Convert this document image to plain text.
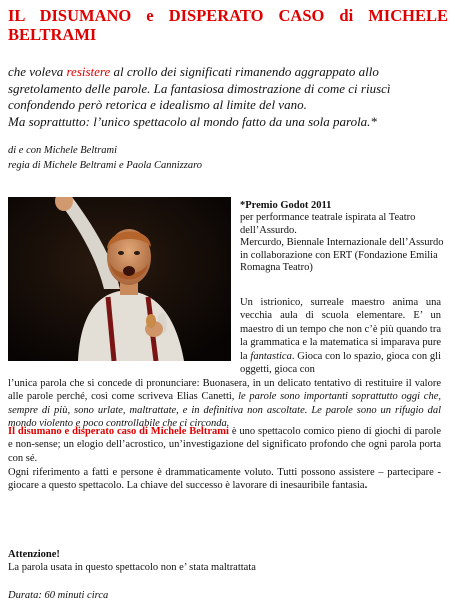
IL DISUMANO e DISPERATO CASO di MICHELE BELTRAMI

che voleva resistere al crollo dei significati rimanendo aggrappato allo sgretolamento delle parole. La fantasiosa dimostrazione di come ci riuscì confondendo però retorica e idealismo al limite del vano.
Ma soprattutto: l’unico spettacolo al mondo fatto da una sola parola.*

di e con Michele Beltrami
regia di Michele Beltrami e Paola Cannizzaro
*Premio Godot 2011
per performance teatrale ispirata al Teatro dell’Assurdo.
Mercurdo, Biennale Internazionale dell’Assurdo in collaborazione con ERT (Fondazione Emilia Romagna Teatro)

Un istrionico, surreale maestro anima una vecchia aula di scuola elementare. E’ un maestro di un tempo che non c’è più quando tra la grammatica e la matematica si imparava pure la fantastica. Gioca con lo spazio, gioca con gli oggetti, gioca con

l’unica parola che si concede di pronunciare: Buonasera, in un delicato tentativo di restituire il valore alle parole perché, così come scriveva Elias Canetti, le parole sono importanti soprattutto oggi che, sempre di più, sono urlate, maltrattate, e in definitiva non ascoltate. Le parole sono un rifugio dal mondo violento e poco controllabile che ci circonda.

Il disumano e disperato caso di Michele Beltrami è uno spettacolo comico pieno di giochi di parole e non-sense; un elogio dell’acrostico, un’investigazione del significato profondo che ogni parola porta con sé.

Ogni riferimento a fatti e persone è drammaticamente voluto. Tutti possono assistere – partecipare - giocare a questo spettacolo. La chiave del successo è lavorare di inesauribile fantasia.

Attenzione!
La parola usata in questo spettacolo non e’ stata maltrattata

Durata: 60 minuti circa
